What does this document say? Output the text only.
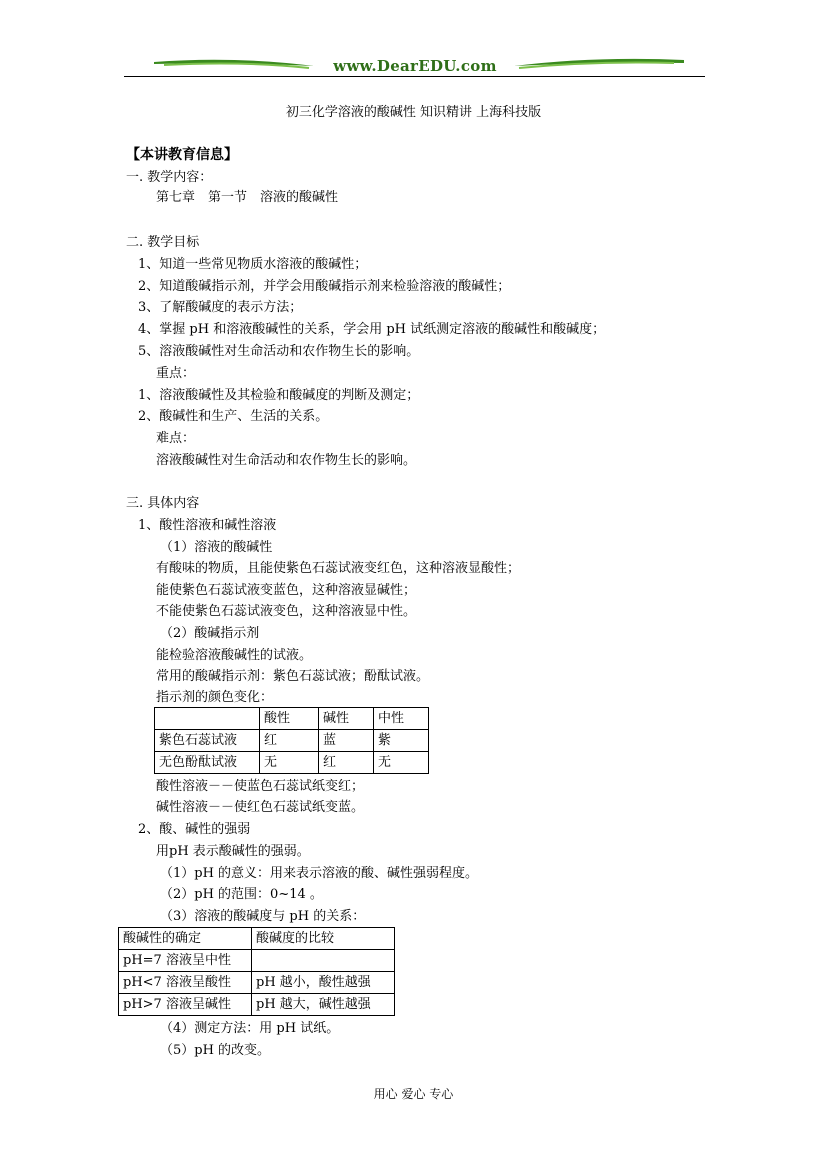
www.DearEDU.com
初三化学溶液的酸碱性 知识精讲 上海科技版
【本讲教育信息】
一. 教学内容：
第七章　第一节　溶液的酸碱性
二. 教学目标
1、知道一些常见物质水溶液的酸碱性；
2、知道酸碱指示剂，并学会用酸碱指示剂来检验溶液的酸碱性；
3、了解酸碱度的表示方法；
4、掌握 pH 和溶液酸碱性的关系，学会用 pH 试纸测定溶液的酸碱性和酸碱度；
5、溶液酸碱性对生命活动和农作物生长的影响。
重点：
1、溶液酸碱性及其检验和酸碱度的判断及测定；
2、酸碱性和生产、生活的关系。
难点：
溶液酸碱性对生命活动和农作物生长的影响。
三. 具体内容
1、酸性溶液和碱性溶液
（1）溶液的酸碱性
有酸味的物质，且能使紫色石蕊试液变红色，这种溶液显酸性；
能使紫色石蕊试液变蓝色，这种溶液显碱性；
不能使紫色石蕊试液变色，这种溶液显中性。
（2）酸碱指示剂
能检验溶液酸碱性的试液。
常用的酸碱指示剂：紫色石蕊试液；酚酞试液。
指示剂的颜色变化：
	酸性	碱性	中性
紫色石蕊试液	红	蓝	紫
无色酚酞试液	无	红	无
酸性溶液－－使蓝色石蕊试纸变红；
碱性溶液－－使红色石蕊试纸变蓝。
2、酸、碱性的强弱
用pH 表示酸碱性的强弱。
（1）pH 的意义：用来表示溶液的酸、碱性强弱程度。
（2）pH 的范围：0~14 。
（3）溶液的酸碱度与 pH 的关系：
酸碱性的确定	酸碱度的比较
pH=7 溶液呈中性	
pH<7 溶液呈酸性	pH 越小，酸性越强
pH>7 溶液呈碱性	pH 越大，碱性越强
（4）测定方法：用 pH 试纸。
（5）pH 的改变。
用心 爱心 专心
